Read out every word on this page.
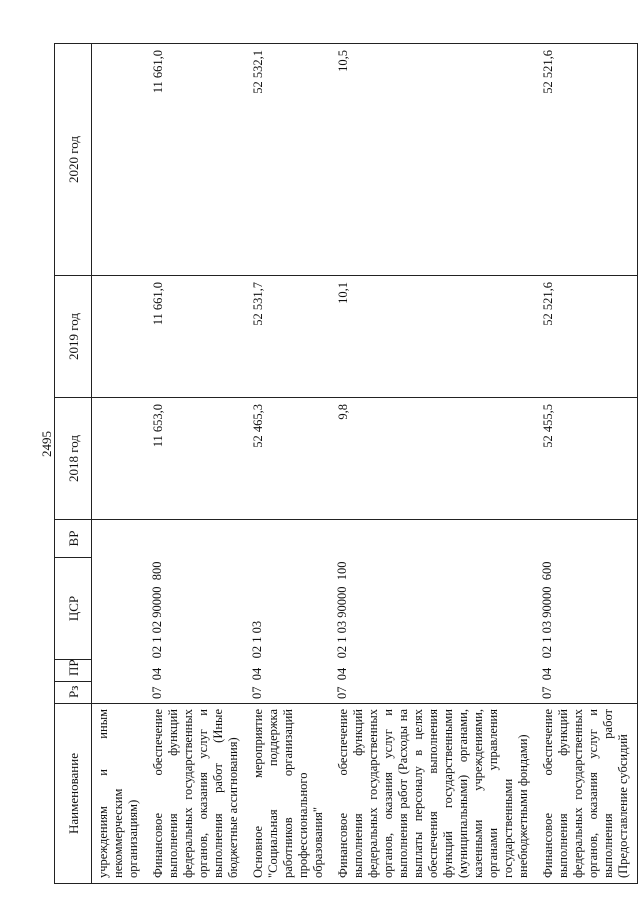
2495
Наименование	Рз	ПР	ЦСР	ВР	2018 год	2019 год	2020 год
учреждениям и иным некоммерческим организациям)							
Финансовое обеспечение выполнения функций федеральных государственных органов, оказания услуг и выполнения работ (Иные бюджетные ассигнования)	07  04   02 1 02 90000  800				11 653,0	11 661,0	11 661,0
Основное мероприятие "Социальная поддержка работников организаций профессионального образования"	07  04   02 1 03				52 465,3	52 531,7	52 532,1
Финансовое обеспечение выполнения функций федеральных государственных органов, оказания услуг и выполнения работ (Расходы на выплаты персоналу в целях обеспечения выполнения функций государственными (муниципальными) органами, казенными учреждениями, органами управления государственными внебюджетными фондами)	07  04   02 1 03 90000  100				9,8	10,1	10,5
Финансовое обеспечение выполнения функций федеральных государственных органов, оказания услуг и выполнения работ (Предоставление субсидий	07  04   02 1 03 90000  600				52 455,5	52 521,6	52 521,6
